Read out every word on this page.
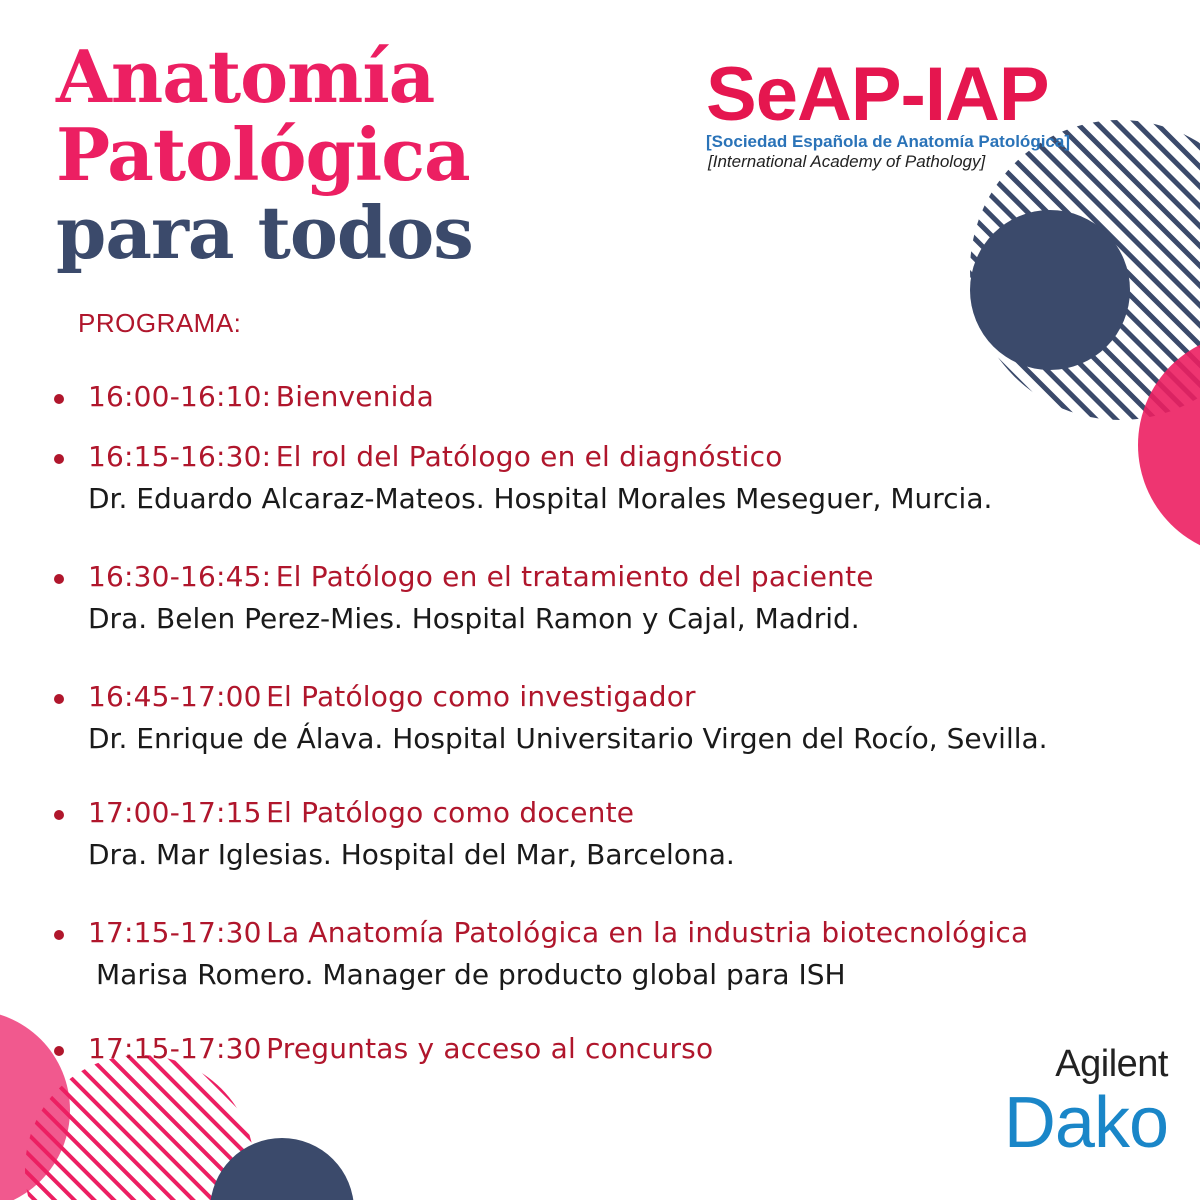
Anatomía
Patológica
para todos
SeAP-IAP
[Sociedad Española de Anatomía Patológica]
[International Academy of Pathology]
PROGRAMA:
16:00-16:10: Bienvenida
16:15-16:30: El rol del Patólogo en el diagnóstico
Dr. Eduardo Alcaraz-Mateos. Hospital Morales Meseguer, Murcia.
16:30-16:45: El Patólogo en el tratamiento del paciente
Dra. Belen Perez-Mies. Hospital Ramon y Cajal, Madrid.
16:45-17:00 El Patólogo como investigador
Dr. Enrique de Álava. Hospital Universitario Virgen del Rocío, Sevilla.
17:00-17:15 El Patólogo como docente
Dra. Mar Iglesias. Hospital del Mar, Barcelona.
17:15-17:30 La Anatomía Patológica en la industria biotecnológica
Marisa Romero. Manager de producto global para ISH
17:15-17:30 Preguntas y acceso al concurso	Agilent
Dako
